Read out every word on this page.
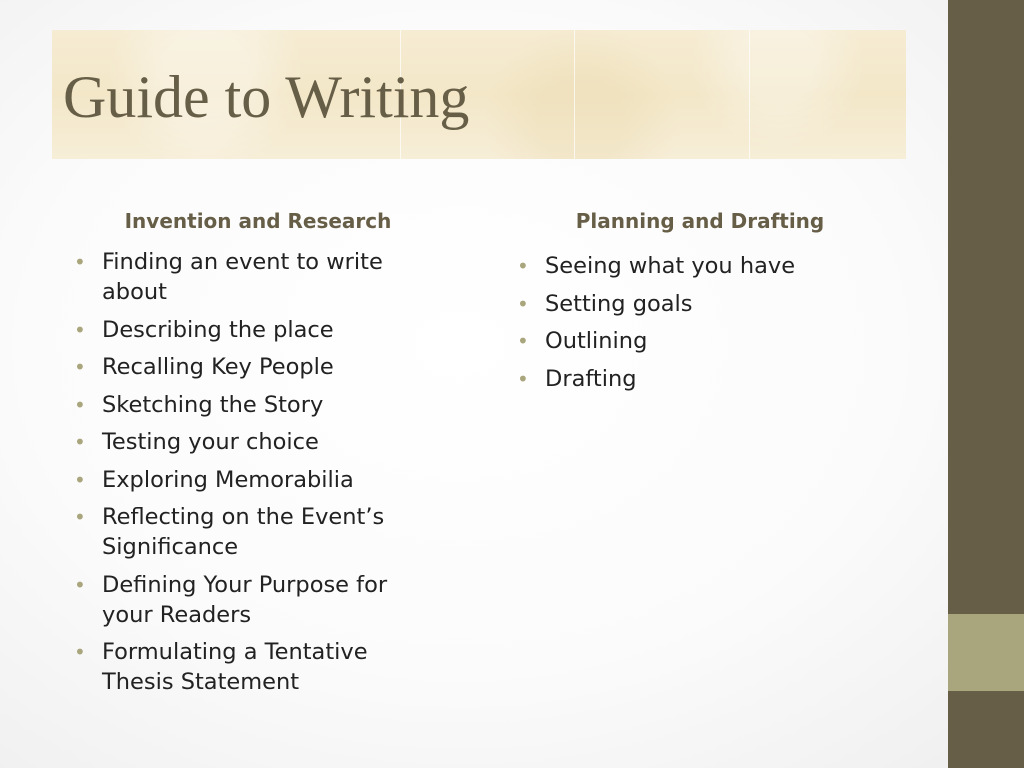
Guide to Writing
Invention and Research
• Finding an event to write about
• Describing the place
• Recalling Key People
• Sketching the Story
• Testing your choice
• Exploring Memorabilia
• Reflecting on the Event’s Significance
• Defining Your Purpose for your Readers
• Formulating a Tentative Thesis Statement
Planning and Drafting
• Seeing what you have
• Setting goals
• Outlining
• Drafting
